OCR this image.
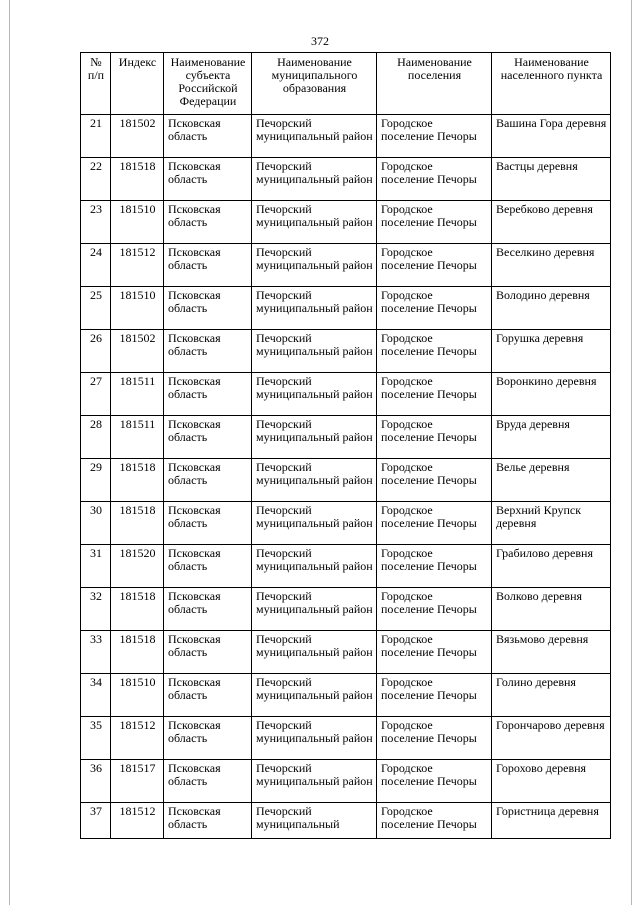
372
№ п/п	Индекс	Наименование субъекта Российской Федерации	Наименование муниципального образования	Наименование поселения	Наименование населенного пункта
21	181502	Псковская область	Печорский муниципальный район	Городское поселение Печоры	Вашина Гора деревня
22	181518	Псковская область	Печорский муниципальный район	Городское поселение Печоры	Вастцы деревня
23	181510	Псковская область	Печорский муниципальный район	Городское поселение Печоры	Веребково деревня
24	181512	Псковская область	Печорский муниципальный район	Городское поселение Печоры	Веселкино деревня
25	181510	Псковская область	Печорский муниципальный район	Городское поселение Печоры	Володино деревня
26	181502	Псковская область	Печорский муниципальный район	Городское поселение Печоры	Горушка деревня
27	181511	Псковская область	Печорский муниципальный район	Городское поселение Печоры	Воронкино деревня
28	181511	Псковская область	Печорский муниципальный район	Городское поселение Печоры	Вруда деревня
29	181518	Псковская область	Печорский муниципальный район	Городское поселение Печоры	Велье деревня
30	181518	Псковская область	Печорский муниципальный район	Городское поселение Печоры	Верхний Крупск деревня
31	181520	Псковская область	Печорский муниципальный район	Городское поселение Печоры	Грабилово деревня
32	181518	Псковская область	Печорский муниципальный район	Городское поселение Печоры	Волково деревня
33	181518	Псковская область	Печорский муниципальный район	Городское поселение Печоры	Вязьмово деревня
34	181510	Псковская область	Печорский муниципальный район	Городское поселение Печоры	Голино деревня
35	181512	Псковская область	Печорский муниципальный район	Городское поселение Печоры	Горончарово деревня
36	181517	Псковская область	Печорский муниципальный район	Городское поселение Печоры	Горохово деревня
37	181512	Псковская область	Печорский муниципальный	Городское поселение Печоры	Гористница деревня
